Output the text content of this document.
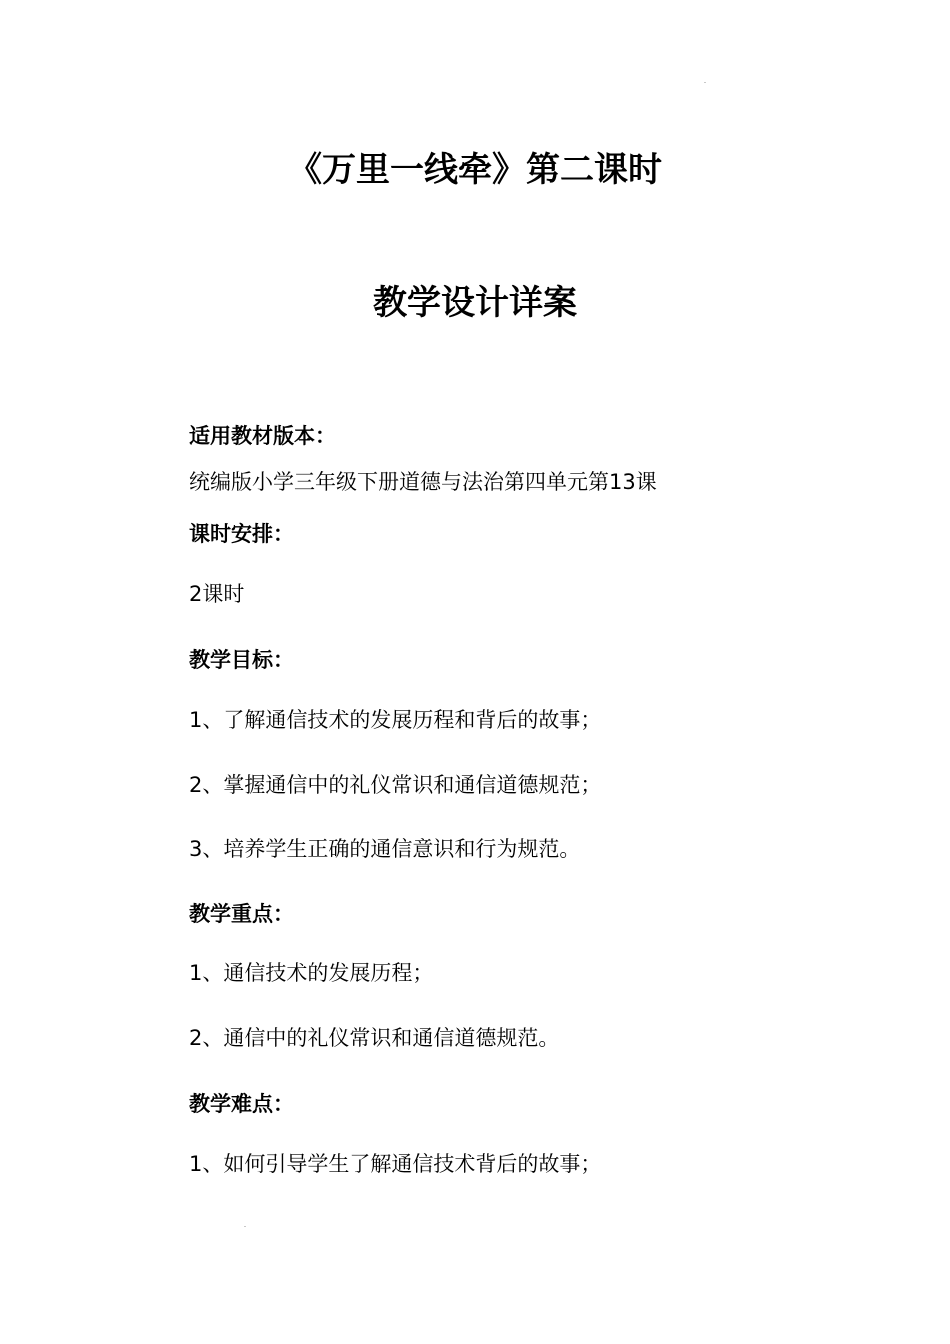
《万里一线牵》第二课时
教学设计详案
适用教材版本：
统编版小学三年级下册道德与法治第四单元第13课
课时安排：
2课时
教学目标：
1、了解通信技术的发展历程和背后的故事；
2、掌握通信中的礼仪常识和通信道德规范；
3、培养学生正确的通信意识和行为规范。
教学重点：
1、通信技术的发展历程；
2、通信中的礼仪常识和通信道德规范。
教学难点：
1、如何引导学生了解通信技术背后的故事；
